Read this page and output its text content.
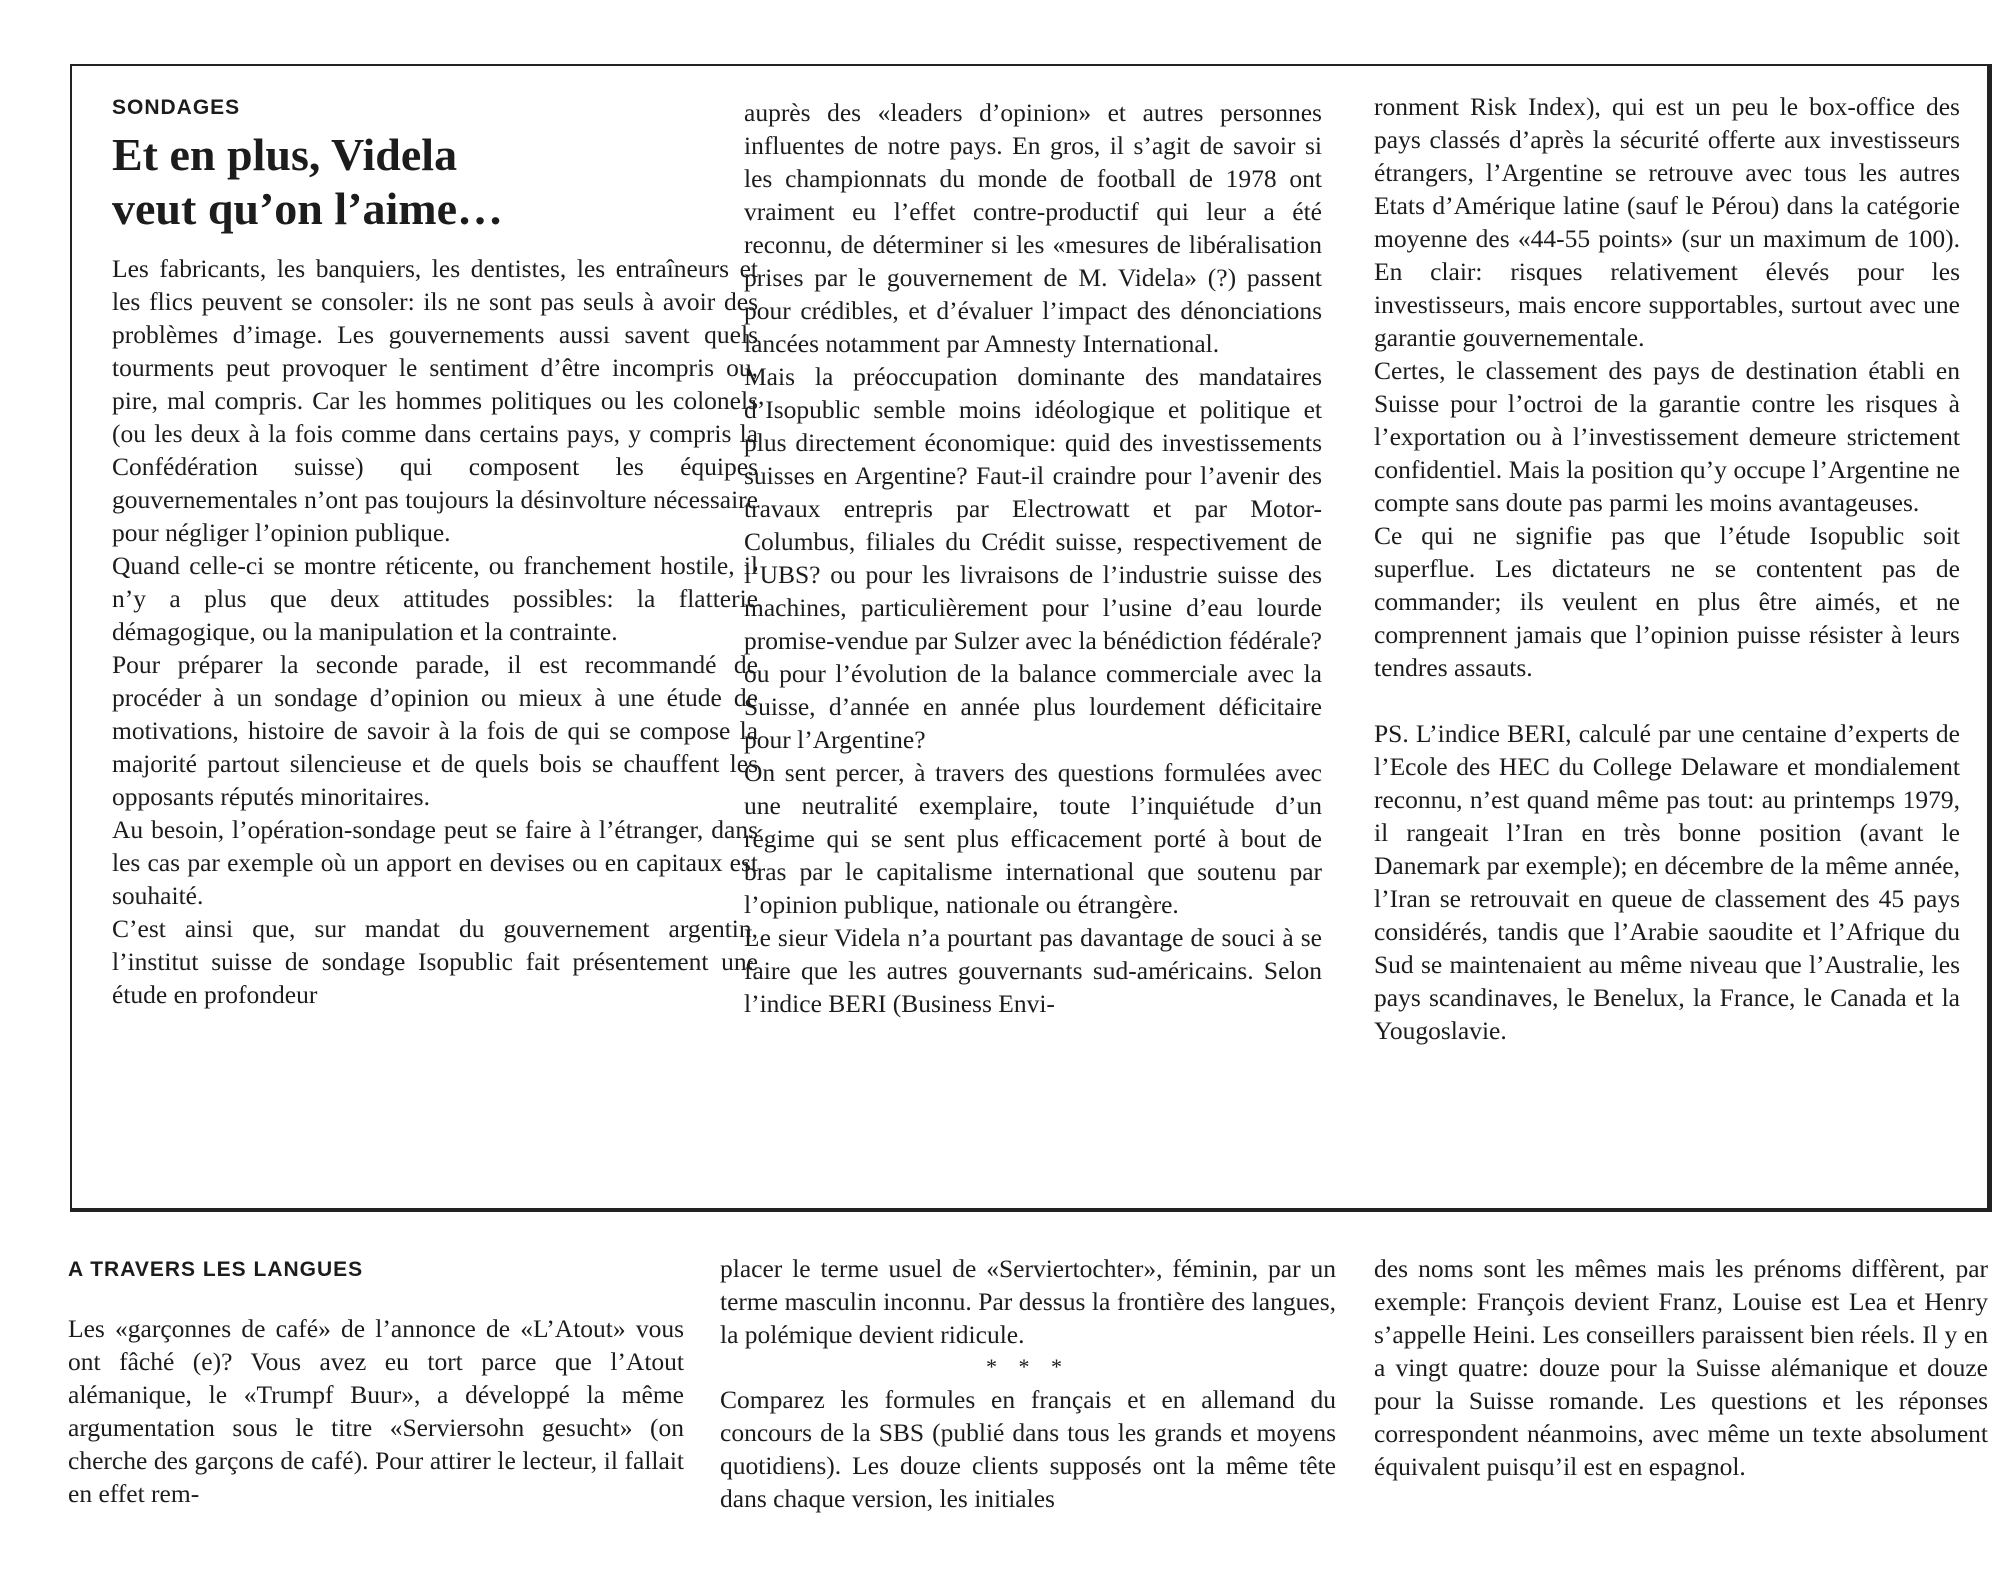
SONDAGES
Et en plus, Videla
veut qu’on l’aime…

Les fabricants, les banquiers, les dentistes, les entraîneurs et les flics peuvent se consoler: ils ne sont pas seuls à avoir des problèmes d’image. Les gouvernements aussi savent quels tourments peut provoquer le sentiment d’être incompris ou, pire, mal compris. Car les hommes politiques ou les colonels (ou les deux à la fois comme dans certains pays, y compris la Confédération suisse) qui composent les équipes gouvernementales n’ont pas toujours la désinvolture nécessaire pour négliger l’opinion publique.

Quand celle-ci se montre réticente, ou franchement hostile, il n’y a plus que deux attitudes possibles: la flatterie démagogique, ou la manipulation et la contrainte.

Pour préparer la seconde parade, il est recommandé de procéder à un sondage d’opinion ou mieux à une étude de motivations, histoire de savoir à la fois de qui se compose la majorité partout silencieuse et de quels bois se chauffent les opposants réputés minoritaires.

Au besoin, l’opération-sondage peut se faire à l’étranger, dans les cas par exemple où un apport en devises ou en capitaux est souhaité.

C’est ainsi que, sur mandat du gouvernement argentin, l’institut suisse de sondage Isopublic fait présentement une étude en profondeur

auprès des «leaders d’opinion» et autres personnes influentes de notre pays. En gros, il s’agit de savoir si les championnats du monde de football de 1978 ont vraiment eu l’effet contre-productif qui leur a été reconnu, de déterminer si les «mesures de libéralisation prises par le gouvernement de M. Videla» (?) passent pour crédibles, et d’évaluer l’impact des dénonciations lancées notamment par Amnesty International.

Mais la préoccupation dominante des mandataires d’Isopublic semble moins idéologique et politique et plus directement économique: quid des investissements suisses en Argentine? Faut-il craindre pour l’avenir des travaux entrepris par Electrowatt et par Motor-Columbus, filiales du Crédit suisse, respectivement de l’UBS? ou pour les livraisons de l’industrie suisse des machines, particulièrement pour l’usine d’eau lourde promise-vendue par Sulzer avec la bénédiction fédérale? ou pour l’évolution de la balance commerciale avec la Suisse, d’année en année plus lourdement déficitaire pour l’Argentine?

On sent percer, à travers des questions formulées avec une neutralité exemplaire, toute l’inquiétude d’un régime qui se sent plus efficacement porté à bout de bras par le capitalisme international que soutenu par l’opinion publique, nationale ou étrangère.

Le sieur Videla n’a pourtant pas davantage de souci à se faire que les autres gouvernants sud-américains. Selon l’indice BERI (Business Envi-

ronment Risk Index), qui est un peu le box-office des pays classés d’après la sécurité offerte aux investisseurs étrangers, l’Argentine se retrouve avec tous les autres Etats d’Amérique latine (sauf le Pérou) dans la catégorie moyenne des «44-55 points» (sur un maximum de 100). En clair: risques relativement élevés pour les investisseurs, mais encore supportables, surtout avec une garantie gouvernementale.

Certes, le classement des pays de destination établi en Suisse pour l’octroi de la garantie contre les risques à l’exportation ou à l’investissement demeure strictement confidentiel. Mais la position qu’y occupe l’Argentine ne compte sans doute pas parmi les moins avantageuses.

Ce qui ne signifie pas que l’étude Isopublic soit superflue. Les dictateurs ne se contentent pas de commander; ils veulent en plus être aimés, et ne comprennent jamais que l’opinion puisse résister à leurs tendres assauts.

PS. L’indice BERI, calculé par une centaine d’experts de l’Ecole des HEC du College Delaware et mondialement reconnu, n’est quand même pas tout: au printemps 1979, il rangeait l’Iran en très bonne position (avant le Danemark par exemple); en décembre de la même année, l’Iran se retrouvait en queue de classement des 45 pays considérés, tandis que l’Arabie saoudite et l’Afrique du Sud se maintenaient au même niveau que l’Australie, les pays scandinaves, le Benelux, la France, le Canada et la Yougoslavie.

A TRAVERS LES LANGUES

Les «garçonnes de café» de l’annonce de «L’Atout» vous ont fâché (e)? Vous avez eu tort parce que l’Atout alémanique, le «Trumpf Buur», a développé la même argumentation sous le titre «Serviersohn gesucht» (on cherche des garçons de café). Pour attirer le lecteur, il fallait en effet rem-

placer le terme usuel de «Serviertochter», féminin, par un terme masculin inconnu. Par dessus la frontière des langues, la polémique devient ridicule.

* * *

Comparez les formules en français et en allemand du concours de la SBS (publié dans tous les grands et moyens quotidiens). Les douze clients supposés ont la même tête dans chaque version, les initiales

des noms sont les mêmes mais les prénoms diffèrent, par exemple: François devient Franz, Louise est Lea et Henry s’appelle Heini. Les conseillers paraissent bien réels. Il y en a vingt quatre: douze pour la Suisse alémanique et douze pour la Suisse romande. Les questions et les réponses correspondent néanmoins, avec même un texte absolument équivalent puisqu’il est en espagnol.
